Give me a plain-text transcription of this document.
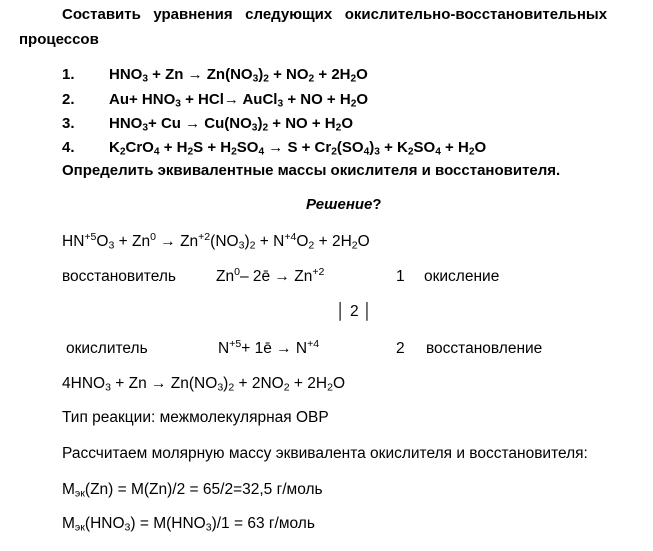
Составить   уравнения   следующих   окислительно-восстановительных
процессов
1. $HNO_3 + Zn \to Zn(NO_3)_2 + NO_2 + 2H_2O$
2. $Au+ HNO_3 + HCl\to$ AuCl$_3$ + NO + $H_2O$
3. $HNO_3+ Cu \to Cu(NO_3)_2$ + NO + $H_2O$
4. $K_2CrO_4 + H_2S + H_2SO_4 \to S + Cr_2(SO_4)_3 + K_2SO_4 + H_2O$
Определить эквивалентные массы окислителя и восстановителя.
Решение?
$HN^{+5}O_3 + Zn^0 \to Zn^{+2}(NO_3)_2 + N^{+4}O_2 + 2H_2O$
восстановитель	Zn$^0$– 2ē → $Zn^{+2}$	1 окисление
│ 2 │
окислитель	$N^{+5}+$ 1ē → $N^{+4}$	2 восстановление
$4HNO_3 + Zn \to Zn(NO_3)_2 + 2NO_2 + 2H_2O$
Тип реакции: межмолекулярная ОВР
Рассчитаем молярную массу эквивалента окислителя и восстановителя:
$M_{эк}(Zn) = M(Zn)/2 = 65/2=32,5$ г/моль
$M_{эк}(HNO_3) = M(HNO_3)/1 = 63$ г/моль
